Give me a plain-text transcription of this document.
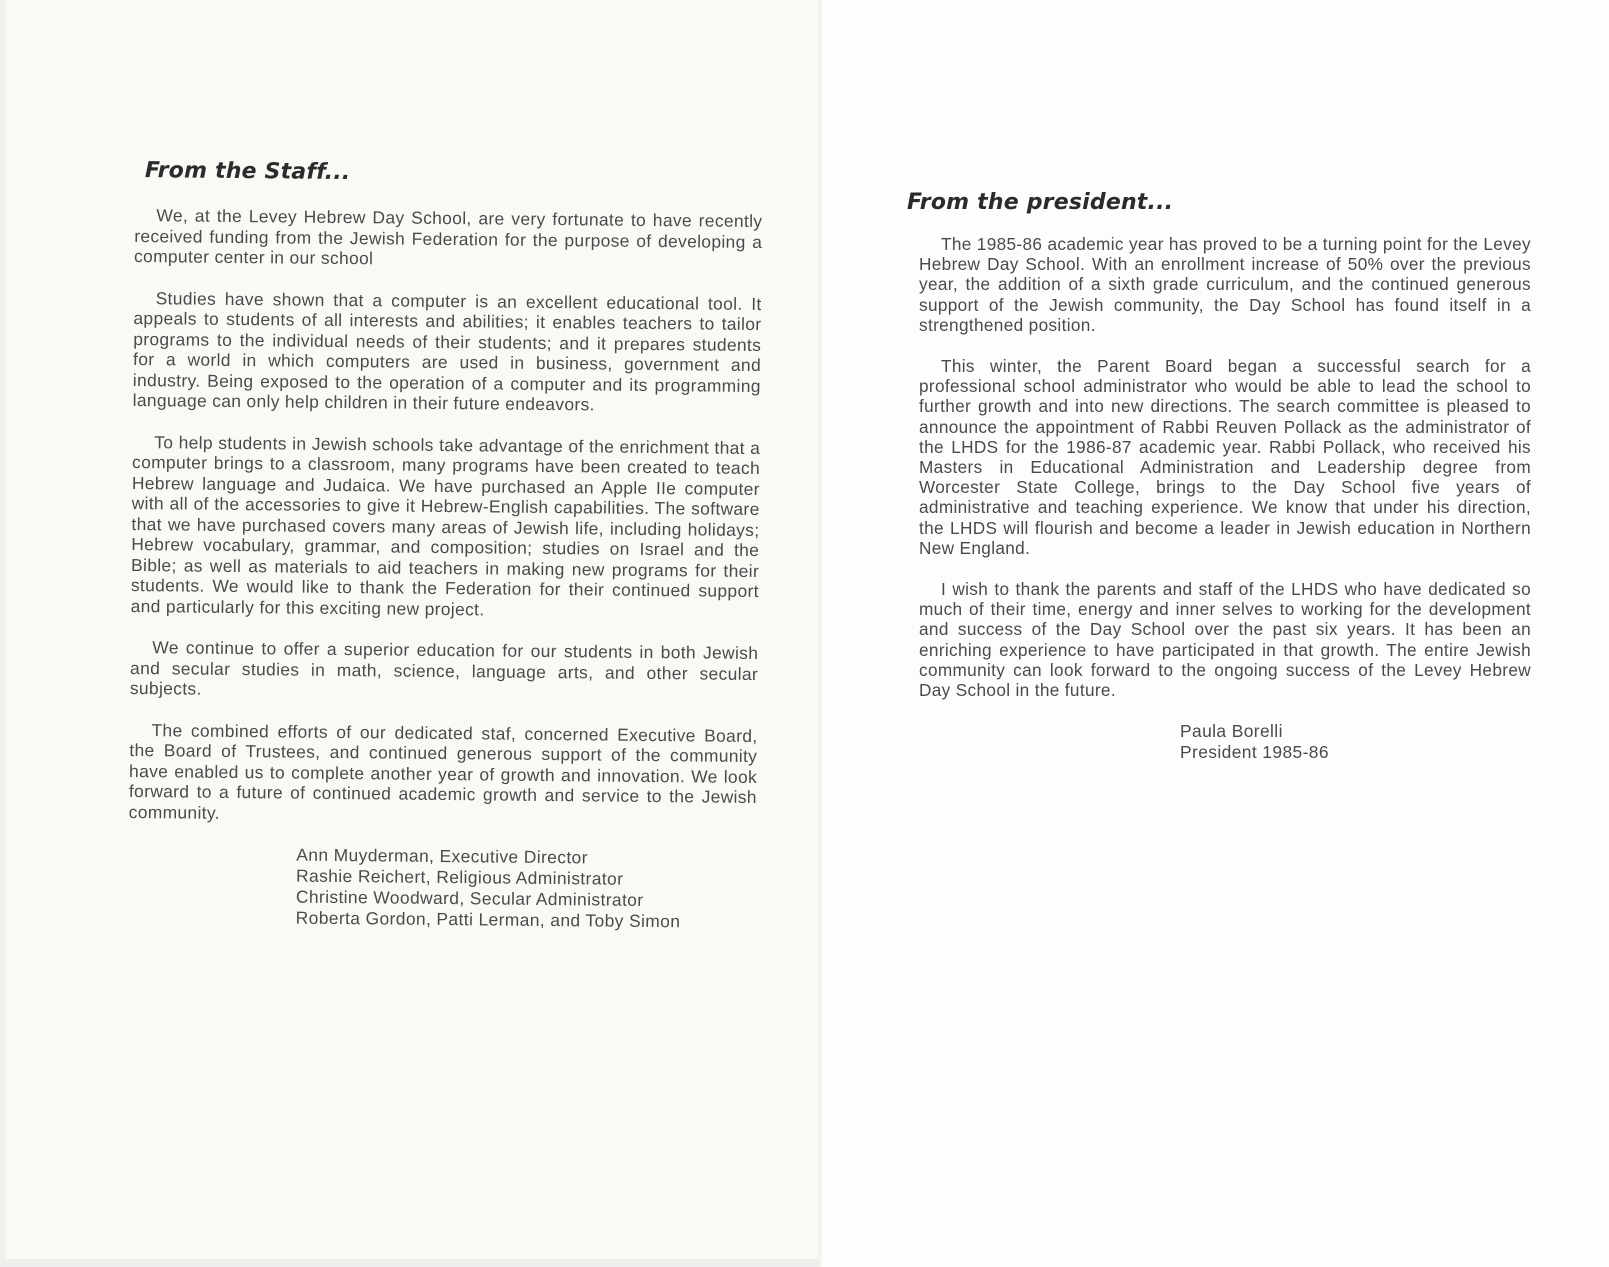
From the Staff...

We, at the Levey Hebrew Day School, are very fortunate to have recently received funding from the Jewish Federation for the purpose of developing a computer center in our school

Studies have shown that a computer is an excellent educational tool. It appeals to students of all interests and abilities; it enables teachers to tailor programs to the individual needs of their students; and it prepares students for a world in which computers are used in business, government and industry. Being exposed to the operation of a computer and its programming language can only help children in their future endeavors.

To help students in Jewish schools take advantage of the enrichment that a computer brings to a classroom, many programs have been created to teach Hebrew language and Judaica. We have purchased an Apple IIe computer with all of the accessories to give it Hebrew-English capabilities. The software that we have purchased covers many areas of Jewish life, including holidays; Hebrew vocabulary, grammar, and composition; studies on Israel and the Bible; as well as materials to aid teachers in making new programs for their students. We would like to thank the Federation for their continued support and particularly for this exciting new project.

We continue to offer a superior education for our students in both Jewish and secular studies in math, science, language arts, and other secular subjects.

The combined efforts of our dedicated staf, concerned Executive Board, the Board of Trustees, and continued generous support of the community have enabled us to complete another year of growth and innovation. We look forward to a future of continued academic growth and service to the Jewish community.

Ann Muyderman, Executive Director
Rashie Reichert, Religious Administrator
Christine Woodward, Secular Administrator
Roberta Gordon, Patti Lerman, and Toby Simon
From the president...

The 1985-86 academic year has proved to be a turning point for the Levey Hebrew Day School. With an enrollment increase of 50% over the previous year, the addition of a sixth grade curriculum, and the continued generous support of the Jewish community, the Day School has found itself in a strengthened position.

This winter, the Parent Board began a successful search for a professional school administrator who would be able to lead the school to further growth and into new directions. The search committee is pleased to announce the appointment of Rabbi Reuven Pollack as the administrator of the LHDS for the 1986-87 academic year. Rabbi Pollack, who received his Masters in Educational Administration and Leadership degree from Worcester State College, brings to the Day School five years of administrative and teaching experience. We know that under his direction, the LHDS will flourish and become a leader in Jewish education in Northern New England.

I wish to thank the parents and staff of the LHDS who have dedicated so much of their time, energy and inner selves to working for the development and success of the Day School over the past six years. It has been an enriching experience to have participated in that growth. The entire Jewish community can look forward to the ongoing success of the Levey Hebrew Day School in the future.

Paula Borelli
President 1985-86
